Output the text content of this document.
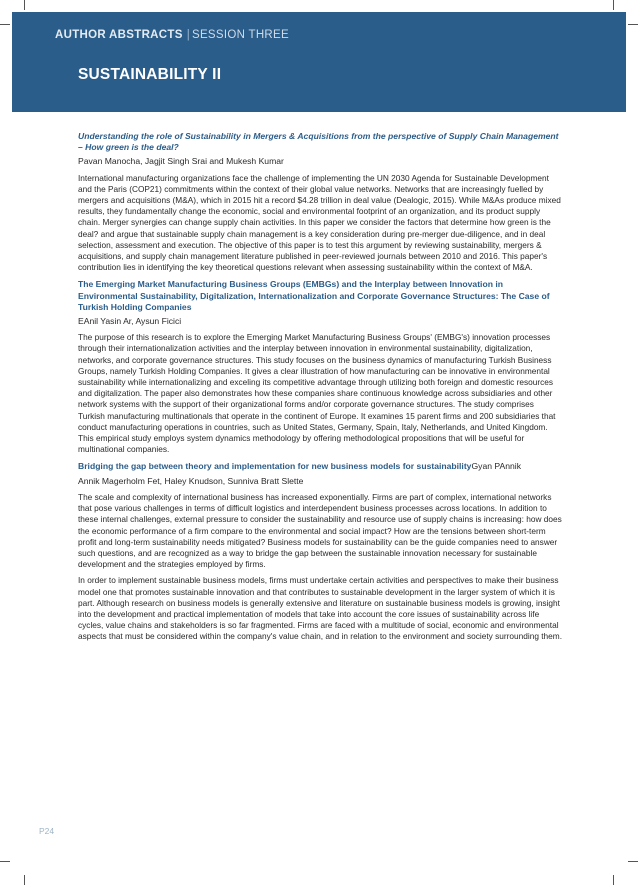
AUTHOR ABSTRACTS | SESSION THREE
SUSTAINABILITY II
Understanding the role of Sustainability in Mergers & Acquisitions from the perspective of Supply Chain Management – How green is the deal?
Pavan Manocha, Jagjit Singh Srai and Mukesh Kumar
International manufacturing organizations face the challenge of implementing the UN 2030 Agenda for Sustainable Development and the Paris (COP21) commitments within the context of their global value networks. Networks that are increasingly fuelled by mergers and acquisitions (M&A), which in 2015 hit a record $4.28 trillion in deal value (Dealogic, 2015). While M&As produce mixed results, they fundamentally change the economic, social and environmental footprint of an organization, and its product supply chain. Merger synergies can change supply chain activities. In this paper we consider the factors that determine how green is the deal? and argue that sustainable supply chain management is a key consideration during pre-merger due-diligence, and in deal selection, assessment and execution. The objective of this paper is to test this argument by reviewing sustainability, mergers & acquisitions, and supply chain management literature published in peer-reviewed journals between 2010 and 2016. This paper's contribution lies in identifying the key theoretical questions relevant when assessing sustainability within the context of M&A.
The Emerging Market Manufacturing Business Groups (EMBGs) and the Interplay between Innovation in Environmental Sustainability, Digitalization, Internationalization and Corporate Governance Structures: The Case of Turkish Holding Companies
EAnil Yasin Ar, Aysun Ficici
The purpose of this research is to explore the Emerging Market Manufacturing Business Groups' (EMBG's) innovation processes through their internationalization activities and the interplay between innovation in environmental sustainability, digitalization, networks, and corporate governance structures. This study focuses on the business dynamics of manufacturing Turkish Business Groups, namely Turkish Holding Companies. It gives a clear illustration of how manufacturing can be innovative in environmental sustainability while internationalizing and exceling its competitive advantage through utilizing both foreign and domestic resources and digitalization. The paper also demonstrates how these companies share continuous knowledge across subsidiaries and other network systems with the support of their organizational forms and/or corporate governance structures. The study comprises Turkish manufacturing multinationals that operate in the continent of Europe. It examines 15 parent firms and 200 subsidiaries that conduct manufacturing operations in countries, such as United States, Germany, Spain, Italy, Netherlands, and United Kingdom. This empirical study employs system dynamics methodology by offering methodological propositions that will be useful for multinational companies.
Bridging the gap between theory and implementation for new business models for sustainabilityGyan PAnnik
Annik Magerholm Fet, Haley Knudson, Sunniva Bratt Slette
The scale and complexity of international business has increased exponentially. Firms are part of complex, international networks that pose various challenges in terms of difficult logistics and interdependent business processes across locations. In addition to these internal challenges, external pressure to consider the sustainability and resource use of supply chains is increasing: how does the economic performance of a firm compare to the environmental and social impact? How are the tensions between short-term profit and long-term sustainability needs mitigated? Business models for sustainability can be the guide companies need to answer such questions, and are recognized as a way to bridge the gap between the sustainable innovation necessary for sustainable development and the strategies employed by firms.
In order to implement sustainable business models, firms must undertake certain activities and perspectives to make their business model one that promotes sustainable innovation and that contributes to sustainable development in the larger system of which it is part. Although research on business models is generally extensive and literature on sustainable business models is growing, insight into the development and practical implementation of models that take into account the core issues of sustainability across life cycles, value chains and stakeholders is so far fragmented. Firms are faced with a multitude of social, economic and environmental aspects that must be considered within the company's value chain, and in relation to the environment and society surrounding them.
P24
